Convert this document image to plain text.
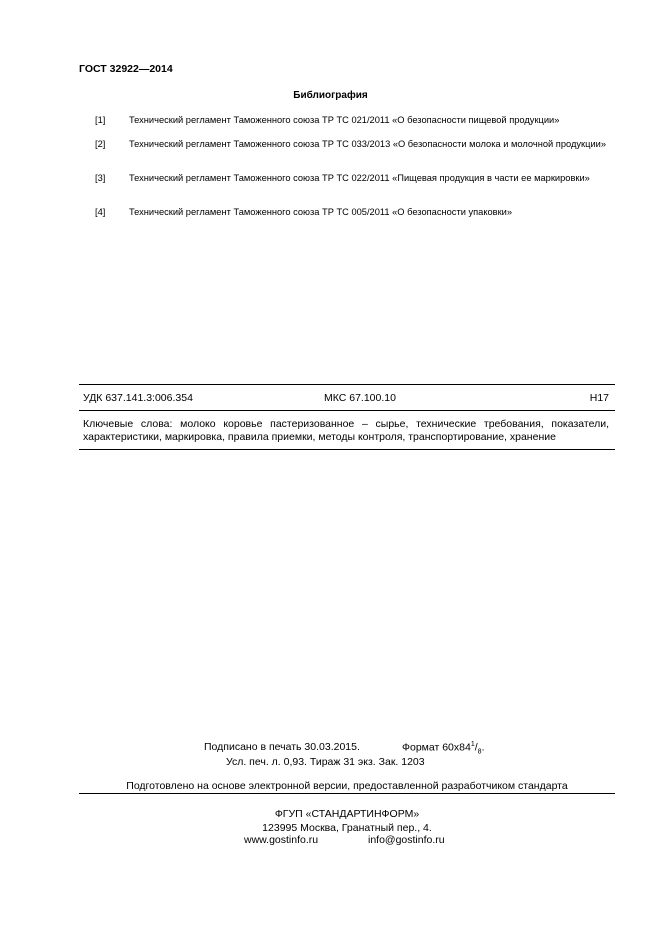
ГОСТ 32922—2014
Библиография
[1]	Технический регламент Таможенного союза ТР ТС 021/2011 «О безопасности пищевой продукции»
[2]	Технический регламент Таможенного союза ТР ТС 033/2013 «О безопасности молока и молочной продукции»
[3]	Технический регламент Таможенного союза ТР ТС 022/2011 «Пищевая продукция в части ее маркировки»
[4]	Технический регламент Таможенного союза ТР ТС 005/2011 «О безопасности упаковки»
УДК 637.141.3:006.354	МКС 67.100.10	Н17
Ключевые слова: молоко коровье пастеризованное – сырье, технические требования, показатели, характеристики, маркировка, правила приемки, методы контроля, транспортирование, хранение
Подписано в печать 30.03.2015.	Формат $60x84^1/_8$.
Усл. печ. л. 0,93. Тираж 31 экз. Зак. 1203
Подготовлено на основе электронной версии, предоставленной разработчиком стандарта
ФГУП «СТАНДАРТИНФОРМ»
123995 Москва, Гранатный пер., 4.
www.gostinfo.ru	info@gostinfo.ru
